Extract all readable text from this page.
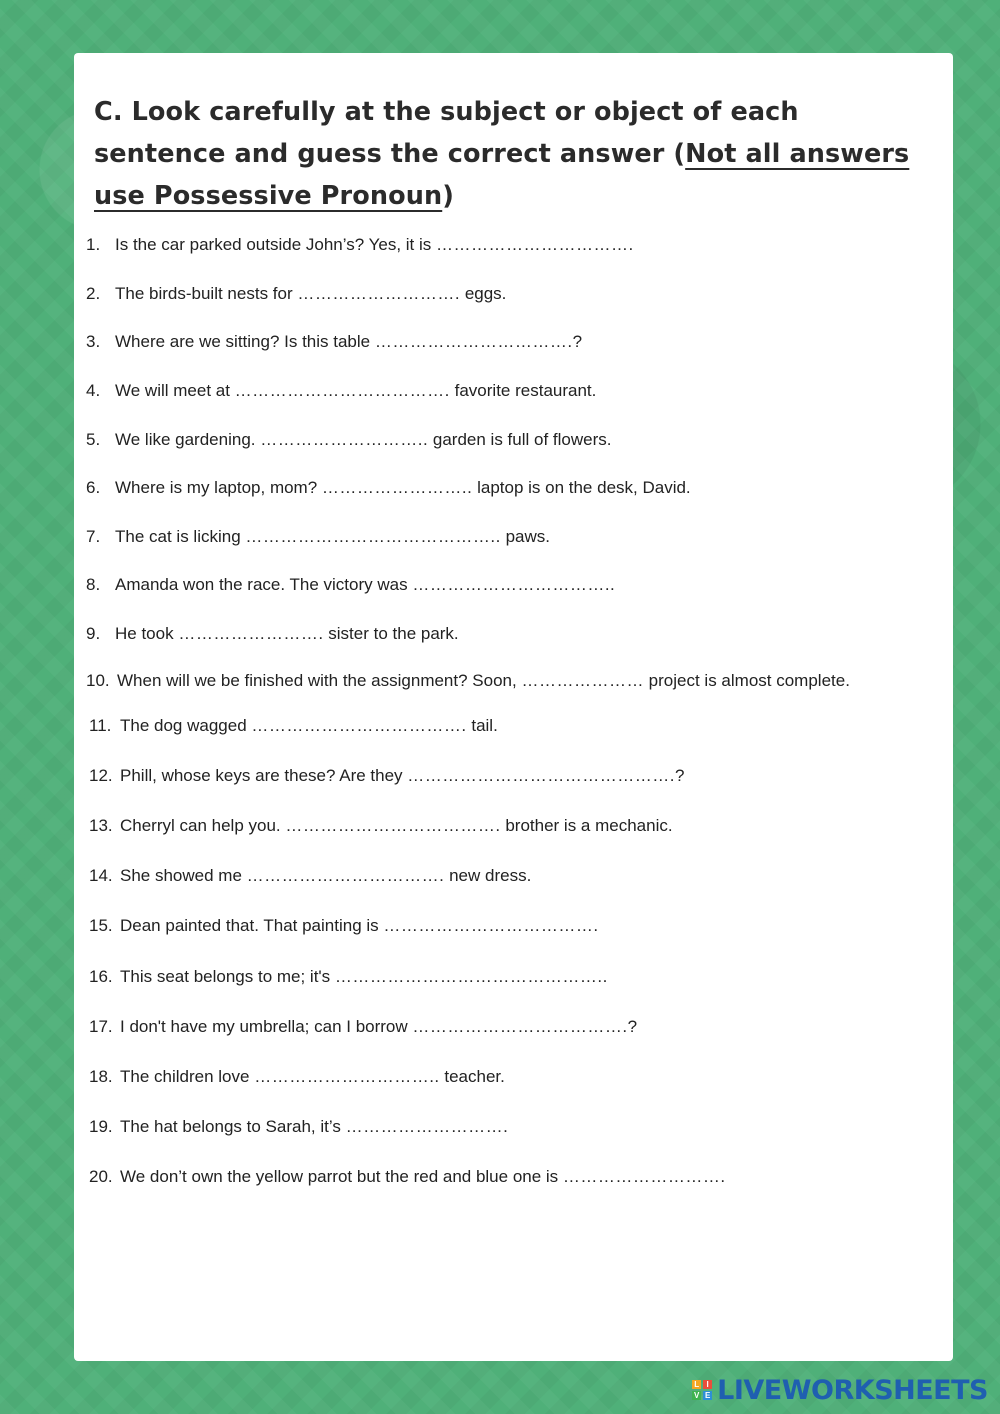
C. Look carefully at the subject or object of each sentence and guess the correct answer (Not all answers use Possessive Pronoun)
1. Is the car parked outside John’s? Yes, it is …………………………….
2. The birds-built nests for ………………………. eggs.
3. Where are we sitting? Is this table …………………………….?
4. We will meet at ………………………………. favorite restaurant.
5. We like gardening. ……………………….. garden is full of flowers.
6. Where is my laptop, mom? …………………….. laptop is on the desk, David.
7. The cat is licking …………………………………….. paws.
8. Amanda won the race. The victory was ……………………………..
9. He took ……………………. sister to the park.
10. When will we be finished with the assignment? Soon, ………………… project is almost complete.
11. The dog wagged ………………………………. tail.
12. Phill, whose keys are these? Are they ……………………………………….?
13. Cherryl can help you. ………………………………. brother is a mechanic.
14. She showed me ……………………………. new dress.
15. Dean painted that. That painting is ……………………………….
16. This seat belongs to me; it's ………………………………………..
17. I don't have my umbrella; can I borrow ……………………………….?
18. The children love ………………………….. teacher.
19. The hat belongs to Sarah, it’s ……………………….
20. We don’t own the yellow parrot but the red and blue one is ……………………….
L I
V E LIVEWORKSHEETS
